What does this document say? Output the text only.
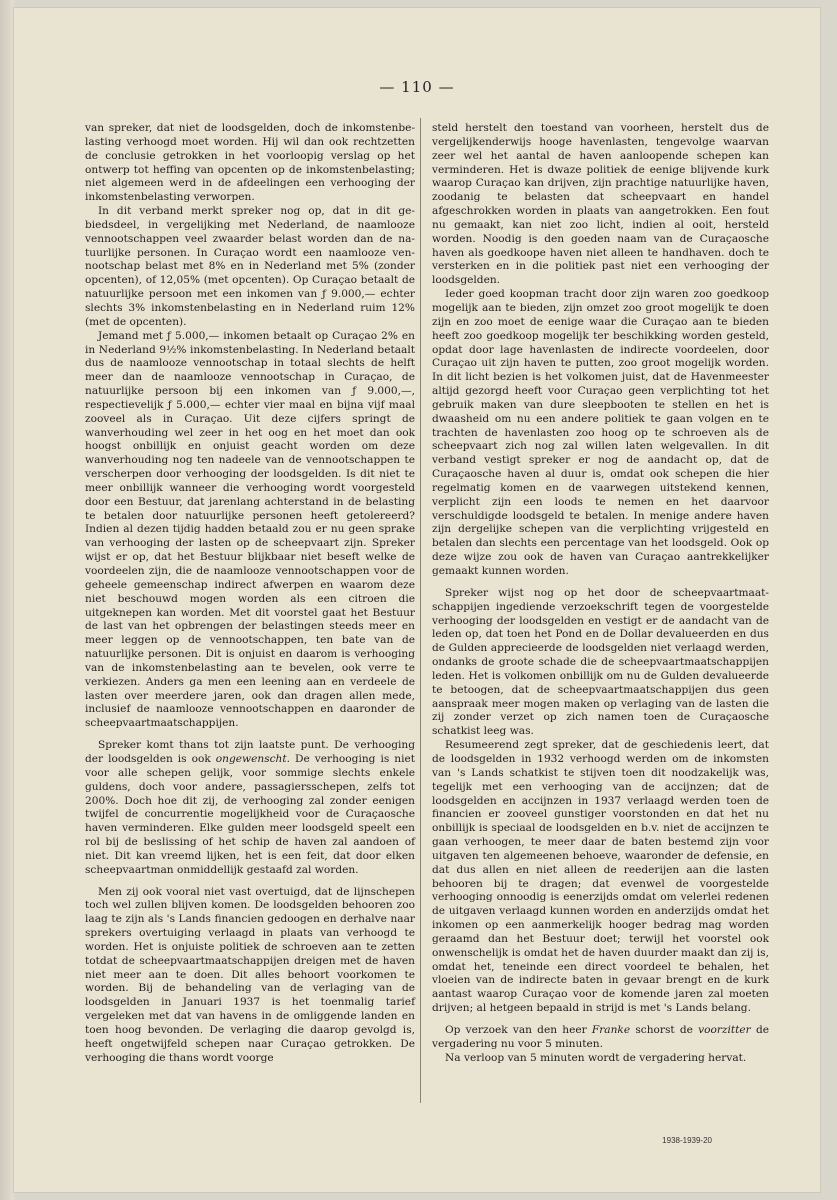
— 110 —

van spreker, dat niet de loodsgelden, doch de inkomstenbelasting verhoogd moet worden. Hij wil dan ook rechtzetten de conclusie getrokken in het voorloopig verslag op het ontwerp tot heffing van opcenten op de inkomstenbelasting; niet algemeen werd in de afdeelingen een verhooging der inkomstenbelasting verworpen.

In dit verband merkt spreker nog op, dat in dit gebiedsdeel, in vergelijking met Nederland, de naamlooze vennootschappen veel zwaarder belast worden dan de natuurlijke personen. In Curaçao wordt een naamlooze vennootschap belast met 8% en in Nederland met 5% (zonder opcenten), of 12,05% (met opcenten). Op Curaçao betaalt de natuurlijke persoon met een inkomen van ƒ 9.000,— echter slechts 3% inkomstenbelasting en in Nederland ruim 12% (met de opcenten).

Jemand met ƒ 5.000,— inkomen betaalt op Curaçao 2% en in Nederland 9½% inkomstenbelasting. In Nederland betaalt dus de naamlooze vennootschap in totaal slechts de helft meer dan de naamlooze vennootschap in Curaçao, de natuurlijke persoon bij een inkomen van ƒ 9.000,—, respectievelijk ƒ 5.000,— echter vier maal en bijna vijf maal zooveel als in Curaçao. Uit deze cijfers springt de wanverhouding wel zeer in het oog en het moet dan ook hoogst onbillijk en onjuist geacht worden om deze wanverhouding nog ten nadeele van de vennootschappen te verscherpen door verhooging der loodsgelden. Is dit niet te meer onbillijk wanneer die verhooging wordt voorgesteld door een Bestuur, dat jarenlang achterstand in de belasting te betalen door natuurlijke personen heeft getolereerd? Indien al dezen tijdig hadden betaald zou er nu geen sprake van verhooging der lasten op de scheepvaart zijn. Spreker wijst er op, dat het Bestuur blijkbaar niet beseft welke de voordeelen zijn, die de naamlooze vennootschappen voor de geheele gemeenschap indirect afwerpen en waarom deze niet beschouwd mogen worden als een citroen die uitgeknepen kan worden. Met dit voorstel gaat het Bestuur de last van het opbrengen der belastingen steeds meer en meer leggen op de vennootschappen, ten bate van de natuurlijke personen. Dit is onjuist en daarom is verhooging van de inkomstenbelasting aan te bevelen, ook verre te verkiezen. Anders ga men een leening aan en verdeele de lasten over meerdere jaren, ook dan dragen allen mede, inclusief de naamlooze vennootschappen en daaronder de scheepvaartmaatschappijen.

Spreker komt thans tot zijn laatste punt. De verhooging der loodsgelden is ook ongewenscht. De verhooging is niet voor alle schepen gelijk, voor sommige slechts enkele guldens, doch voor andere, passagiersschepen, zelfs tot 200%. Doch hoe dit zij, de verhooging zal zonder eenigen twijfel de concurrentie mogelijkheid voor de Curaçaosche haven verminderen. Elke gulden meer loodsgeld speelt een rol bij de beslissing of het schip de haven zal aandoen of niet. Dit kan vreemd lijken, het is een feit, dat door elken scheepvaartman onmiddellijk gestaafd zal worden.

Men zij ook vooral niet vast overtuigd, dat de lijnschepen toch wel zullen blijven komen. De loodsgelden behooren zoo laag te zijn als 's Lands financien gedoogen en derhalve naar sprekers overtuiging verlaagd in plaats van verhoogd te worden. Het is onjuiste politiek de schroeven aan te zetten totdat de scheepvaartmaatschappijen dreigen met de haven niet meer aan te doen. Dit alles behoort voorkomen te worden. Bij de behandeling van de verlaging van de loodsgelden in Januari 1937 is het toenmalig tarief vergeleken met dat van havens in de omliggende landen en toen hoog bevonden. De verlaging die daarop gevolgd is, heeft ongetwijfeld schepen naar Curaçao getrokken. De verhooging die thans wordt voorge

steld herstelt den toestand van voorheen, herstelt dus de vergelijkenderwijs hooge havenlasten, tengevolge waarvan zeer wel het aantal de haven aanloopende schepen kan verminderen. Het is dwaze politiek de eenige blijvende kurk waarop Curaçao kan drijven, zijn prachtige natuurlijke haven, zoodanig te belasten dat scheepvaart en handel afgeschrokken worden in plaats van aangetrokken. Een fout nu gemaakt, kan niet zoo licht, indien al ooit, hersteld worden. Noodig is den goeden naam van de Curaçaosche haven als goedkoope haven niet alleen te handhaven. doch te versterken en in die politiek past niet een verhooging der loodsgelden.

Ieder goed koopman tracht door zijn waren zoo goedkoop mogelijk aan te bieden, zijn omzet zoo groot mogelijk te doen zijn en zoo moet de eenige waar die Curaçao aan te bieden heeft zoo goedkoop mogelijk ter beschikking worden gesteld, opdat door lage havenlasten de indirecte voordeelen, door Curaçao uit zijn haven te putten, zoo groot mogelijk worden. In dit licht bezien is het volkomen juist, dat de Havenmeester altijd gezorgd heeft voor Curaçao geen verplichting tot het gebruik maken van dure sleepbooten te stellen en het is dwaasheid om nu een andere politiek te gaan volgen en te trachten de havenlasten zoo hoog op te schroeven als de scheepvaart zich nog zal willen laten welgevallen. In dit verband vestigt spreker er nog de aandacht op, dat de Curaçaosche haven al duur is, omdat ook schepen die hier regelmatig komen en de vaarwegen uitstekend kennen, verplicht zijn een loods te nemen en het daarvoor verschuldigde loodsgeld te betalen. In menige andere haven zijn dergelijke schepen van die verplichting vrijgesteld en betalen dan slechts een percentage van het loodsgeld. Ook op deze wijze zou ook de haven van Curaçao aantrekkelijker gemaakt kunnen worden.

Spreker wijst nog op het door de scheepvaartmaatschappijen ingediende verzoekschrift tegen de voorgestelde verhooging der loodsgelden en vestigt er de aandacht van de leden op, dat toen het Pond en de Dollar devalueerden en dus de Gulden apprecieerde de loodsgelden niet verlaagd werden, ondanks de groote schade die de scheepvaartmaatschappijen leden. Het is volkomen onbillijk om nu de Gulden devalueerde te betoogen, dat de scheepvaartmaatschappijen dus geen aanspraak meer mogen maken op verlaging van de lasten die zij zonder verzet op zich namen toen de Curaçaosche schatkist leeg was.

Resumeerend zegt spreker, dat de geschiedenis leert, dat de loodsgelden in 1932 verhoogd werden om de inkomsten van 's Lands schatkist te stijven toen dit noodzakelijk was, tegelijk met een verhooging van de accijnzen; dat de loodsgelden en accijnzen in 1937 verlaagd werden toen de financien er zooveel gunstiger voorstonden en dat het nu onbillijk is speciaal de loodsgelden en b.v. niet de accijnzen te gaan verhoogen, te meer daar de baten bestemd zijn voor uitgaven ten algemeenen behoeve, waaronder de defensie, en dat dus allen en niet alleen de reederijen aan die lasten behooren bij te dragen; dat evenwel de voorgestelde verhooging onnoodig is eenerzijds omdat om velerlei redenen de uitgaven verlaagd kunnen worden en anderzijds omdat het inkomen op een aanmerkelijk hooger bedrag mag worden geraamd dan het Bestuur doet; terwijl het voorstel ook onwenschelijk is omdat het de haven duurder maakt dan zij is, omdat het, teneinde een direct voordeel te behalen, het vloeien van de indirecte baten in gevaar brengt en de kurk aantast waarop Curaçao voor de komende jaren zal moeten drijven; al hetgeen bepaald in strijd is met 's Lands belang.

Op verzoek van den heer Franke schorst de voorzitter de vergadering nu voor 5 minuten.

Na verloop van 5 minuten wordt de vergadering hervat.

1938-1939-20
